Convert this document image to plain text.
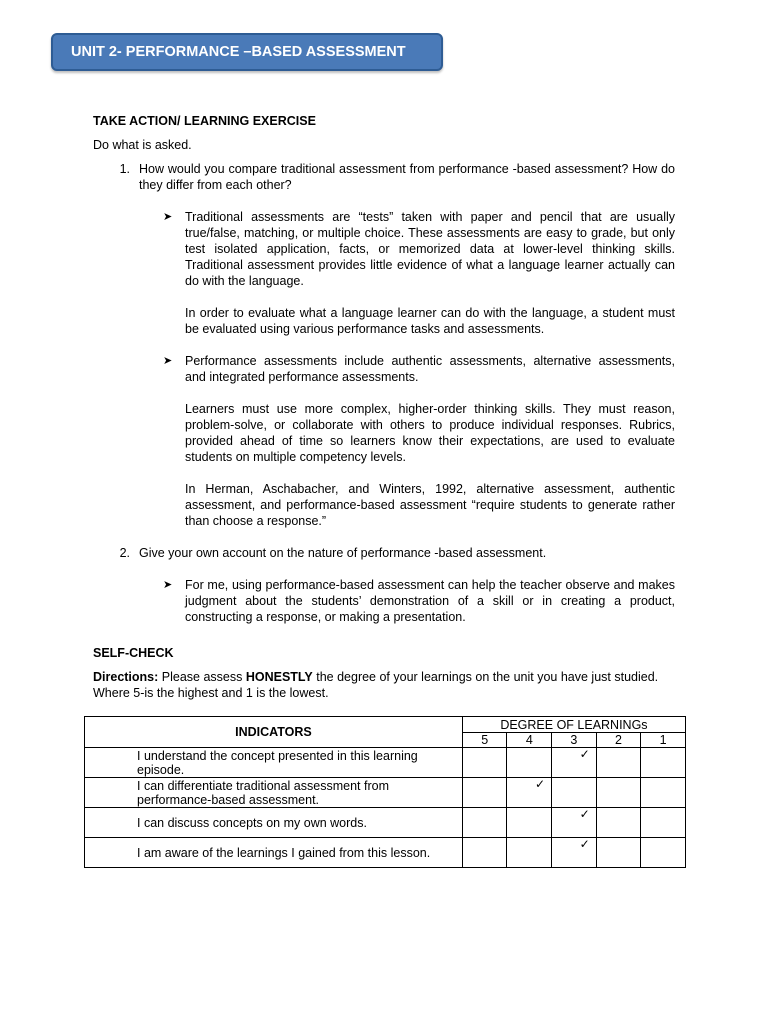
UNIT 2- PERFORMANCE –BASED ASSESSMENT
TAKE ACTION/ LEARNING EXERCISE
Do what is asked.
1. How would you compare traditional assessment from performance -based assessment? How do they differ from each other?
➤	Traditional assessments are “tests” taken with paper and pencil that are usually true/false, matching, or multiple choice. These assessments are easy to grade, but only test isolated application, facts, or memorized data at lower-level thinking skills. Traditional assessment provides little evidence of what a language learner actually can do with the language.

In order to evaluate what a language learner can do with the language, a student must be evaluated using various performance tasks and assessments.

➤	Performance assessments include authentic assessments, alternative assessments, and integrated performance assessments.

Learners must use more complex, higher-order thinking skills. They must reason, problem-solve, or collaborate with others to produce individual responses. Rubrics, provided ahead of time so learners know their expectations, are used to evaluate students on multiple competency levels.

In Herman, Aschabacher, and Winters, 1992, alternative assessment, authentic assessment, and performance-based assessment “require students to generate rather than choose a response.”

2. Give your own account on the nature of performance -based assessment.
➤	For me, using performance-based assessment can help the teacher observe and makes judgment about the students’ demonstration of a skill or in creating a product, constructing a response, or making a presentation.

SELF-CHECK
Directions: Please assess HONESTLY the degree of your learnings on the unit you have just studied. Where 5-is the highest and 1 is the lowest.
INDICATORS	DEGREE OF LEARNINGs				
	5	4	3	2	1
I understand the concept presented in this learning episode.			✓		

I can differentiate traditional assessment from performance-based assessment.		✓			

I can discuss concepts on my own words.			✓		

I am aware of the learnings I gained from this lesson.			✓		
